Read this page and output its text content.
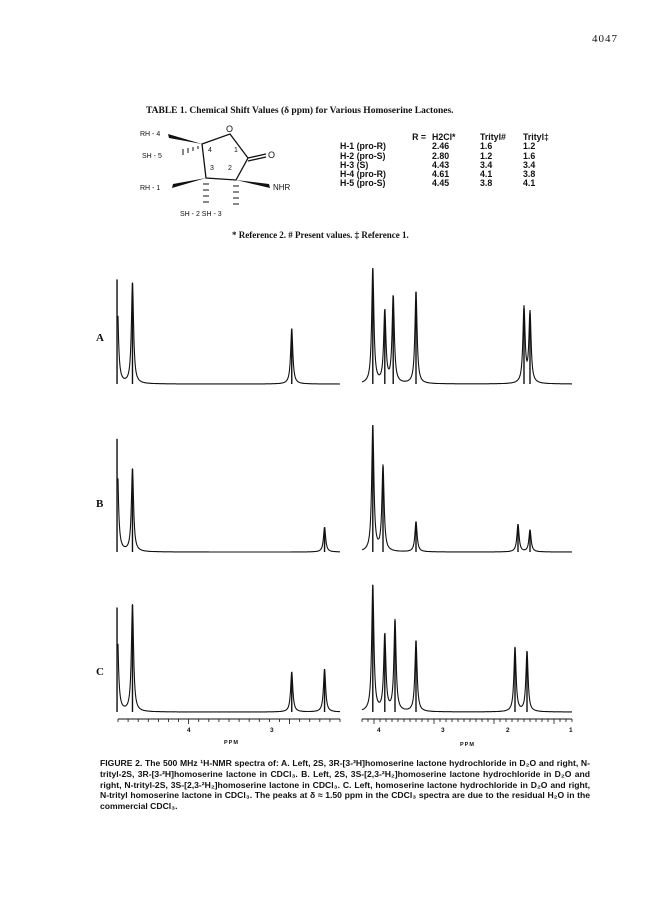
4047
TABLE 1. Chemical Shift Values (δ ppm) for Various Homoserine Lactones.
RH - 4
SH - 5
RH - 1
SH - 2 SH - 3
4	1
3 2
O
O
NHR
R =	H2Cl*	Trityl#	Trityl‡
H-1 (pro-R)	2.46	1.6	1.2
H-2 (pro-S)	2.80	1.2	1.6
H-3 (S)	4.43	3.4	3.4
H-4 (pro-R)	4.61	4.1	3.8
H-5 (pro-S)	4.45	3.8	4.1
* Reference 2. # Present values. ‡ Reference 1.
A
B
C
4	3
PPM
4	3	2	1
PPM
FIGURE 2. The 500 MHz ¹H-NMR spectra of: A. Left, 2S, 3R-[3-²H]homoserine lactone hydrochloride in D₂O and right, N-trityl-2S, 3R-[3-²H]homoserine lactone in CDCl₃. B. Left, 2S, 3S-[2,3-²H₂]homoserine lactone hydrochloride in D₂O and right, N-trityl-2S, 3S-[2,3-²H₂]homoserine lactone in CDCl₃. C. Left, homoserine lactone hydrochloride in D₂O and right, N-trityl homoserine lactone in CDCl₃. The peaks at δ ≈ 1.50 ppm in the CDCl₃ spectra are due to the residual H₂O in the commercial CDCl₃.
